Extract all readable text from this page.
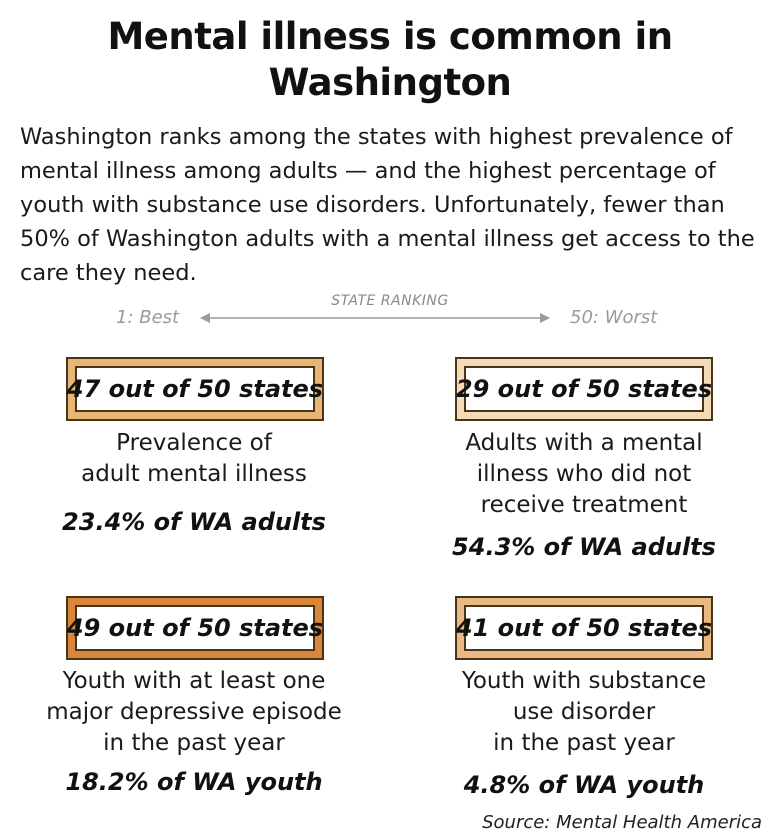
Mental illness is common in Washington
Washington ranks among the states with highest prevalence of mental illness among adults — and the highest percentage of youth with substance use disorders. Unfortunately, fewer than 50% of Washington adults with a mental illness get access to the care they need.
STATE RANKING
1: Best	50: Worst
47 out of 50 states
Prevalence of
adult mental illness
23.4% of WA adults
29 out of 50 states
Adults with a mental
illness who did not
receive treatment
54.3% of WA adults
49 out of 50 states
Youth with at least one
major depressive episode
in the past year
18.2% of WA youth
41 out of 50 states
Youth with substance
use disorder
in the past year
4.8% of WA youth
Source: Mental Health America
